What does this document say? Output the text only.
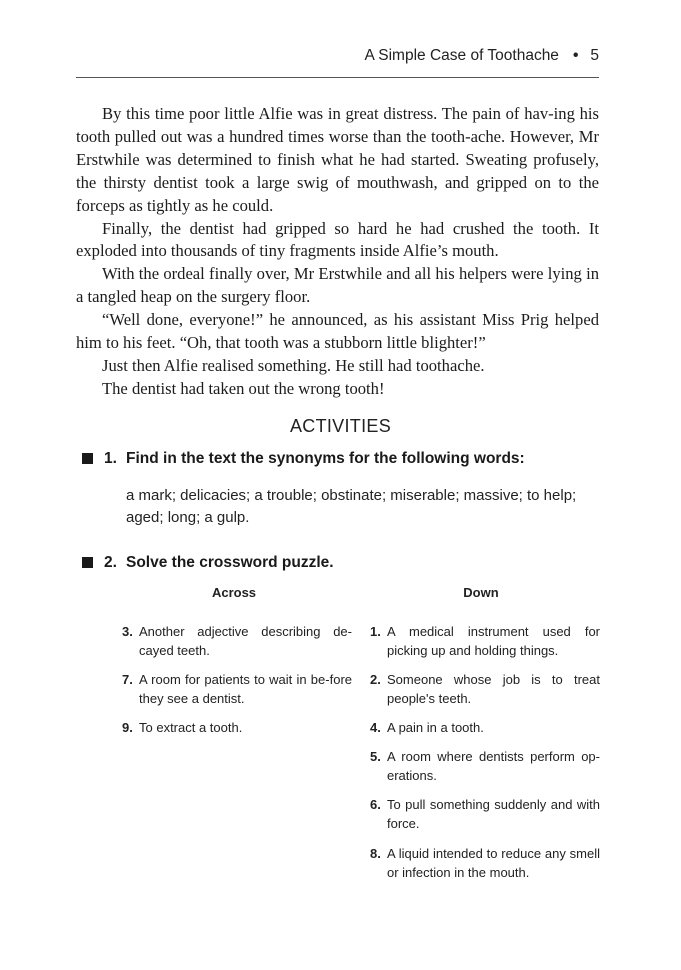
A Simple Case of Toothache • 5

By this time poor little Alfie was in great distress. The pain of hav-ing his tooth pulled out was a hundred times worse than the tooth-ache. However, Mr Erstwhile was determined to finish what he had started. Sweating profusely, the thirsty dentist took a large swig of mouthwash, and gripped on to the forceps as tightly as he could.

Finally, the dentist had gripped so hard he had crushed the tooth. It exploded into thousands of tiny fragments inside Alfie’s mouth.

With the ordeal finally over, Mr Erstwhile and all his helpers were lying in a tangled heap on the surgery floor.

“Well done, everyone!” he announced, as his assistant Miss Prig helped him to his feet. “Oh, that tooth was a stubborn little blighter!”

Just then Alfie realised something. He still had toothache.

The dentist had taken out the wrong tooth!

ACTIVITIES
1. Find in the text the synonyms for the following words:
a mark; delicacies; a trouble; obstinate; miserable; massive; to help; aged; long; a gulp.
2. Solve the crossword puzzle.
Across	Down
3. Another adjective describing de-cayed teeth.
7. A room for patients to wait in be-fore they see a dentist.
9. To extract a tooth.
1. A medical instrument used for picking up and holding things.
2. Someone whose job is to treat people's teeth.
4. A pain in a tooth.
5. A room where dentists perform op-erations.
6. To pull something suddenly and with force.
8. A liquid intended to reduce any smell or infection in the mouth.
